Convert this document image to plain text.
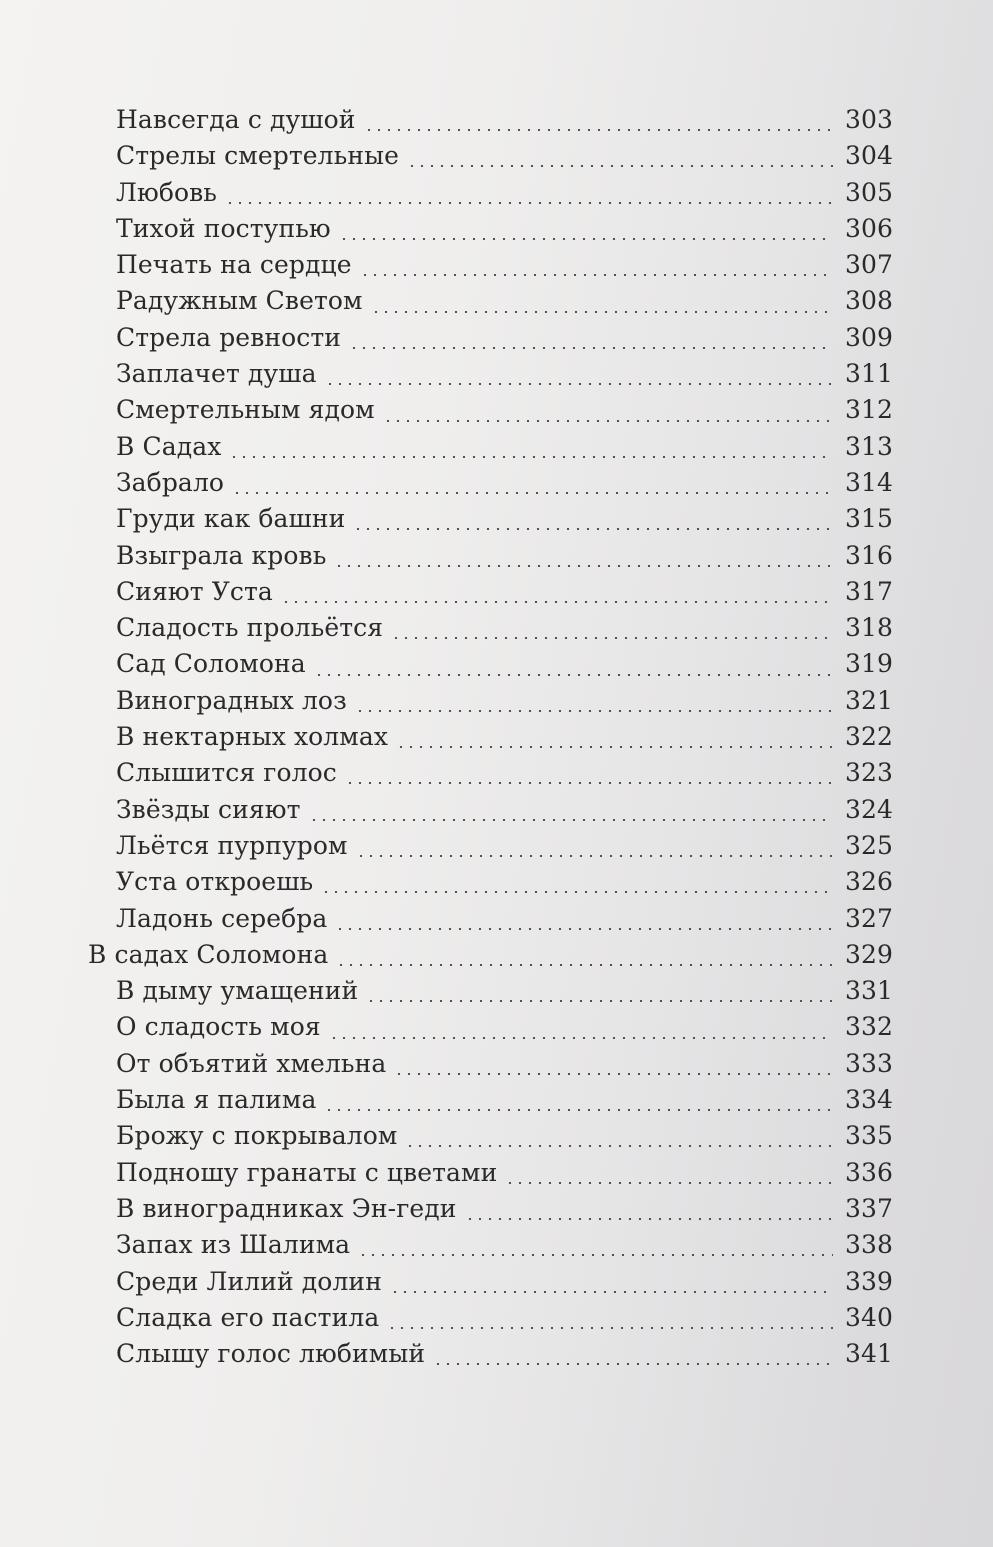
Навсегда с душой	303
Стрелы смертельные	304
Любовь	305
Тихой поступью	306
Печать на сердце	307
Радужным Светом	308
Стрела ревности	309
Заплачет душа	311
Смертельным ядом	312
В Садах	313
Забрало	314
Груди как башни	315
Взыграла кровь	316
Сияют Уста	317
Сладость прольётся	318
Сад Соломона	319
Виноградных лоз	321
В нектарных холмах	322
Слышится голос	323
Звёзды сияют	324
Льётся пурпуром	325
Уста откроешь	326
Ладонь серебра	327
В садах Соломона	329
В дыму умащений	331
О сладость моя	332
От объятий хмельна	333
Была я палима	334
Брожу с покрывалом	335
Подношу гранаты с цветами	336
В виноградниках Эн-геди	337
Запах из Шалима	338
Среди Лилий долин	339
Сладка его пастила	340
Слышу голос любимый	341
